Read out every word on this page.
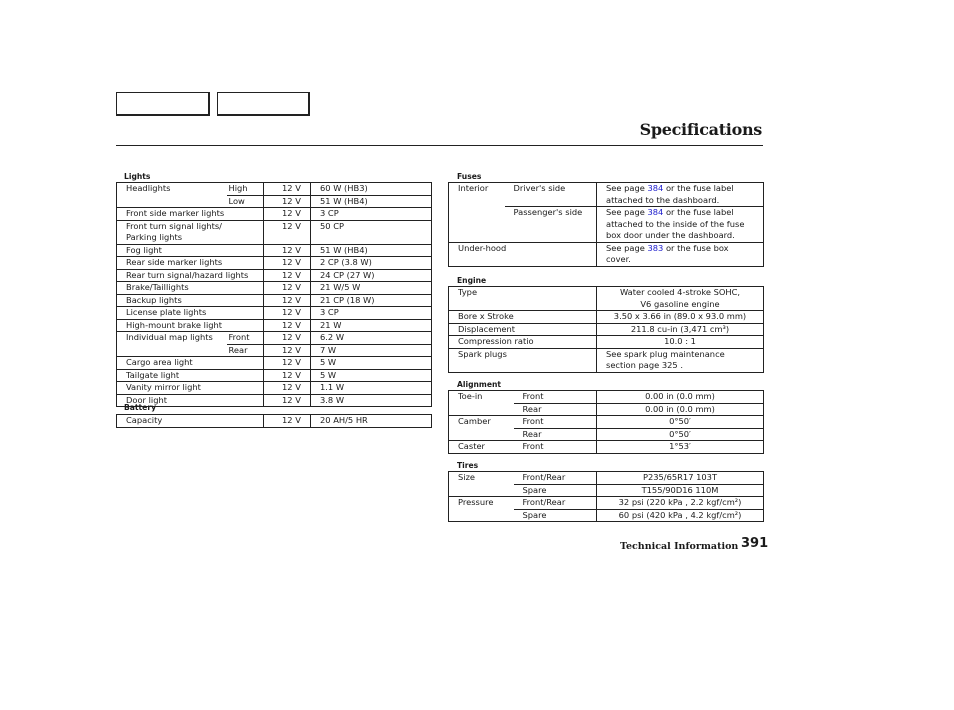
Specifications
Lights
Headlights	High	12 V	60 W (HB3)
	Low	12 V	51 W (HB4)
Front side marker lights		12 V	3 CP

Front turn signal lights/
Parking lights		12 V	50 CP
Fog light		12 V	51 W (HB4)
Rear side marker lights		12 V	2 CP (3.8 W)
Rear turn signal/hazard lights		12 V	24 CP (27 W)
Brake/Taillights		12 V	21 W/5 W
Backup lights		12 V	21 CP (18 W)
License plate lights		12 V	3 CP
High-mount brake light		12 V	21 W
Individual map lights	Front	12 V	6.2 W
	Rear	12 V	7 W
Cargo area light		12 V	5 W
Tailgate light		12 V	5 W
Vanity mirror light		12 V	1.1 W
Door light		12 V	3.8 W
Battery
Capacity	12 V	20 AH/5 HR
Fuses
Interior	Driver's side	See page 384 or the fuse label
attached to the dashboard.

	Passenger's side	See page 384 or the fuse label
attached to the inside of the fuse
box door under the dashboard.

Under-hood		See page 383 or the fuse box
cover.
Engine
Type	Water cooled 4-stroke SOHC,
V6 gasoline engine

Bore x Stroke	3.50 x 3.66 in (89.0 x 93.0 mm)
Displacement	211.8 cu-in (3,471 cm³)
Compression ratio	10.0 : 1
Spark plugs	See spark plug maintenance
section page 325 .
Alignment
Toe-in	Front	0.00 in (0.0 mm)
	Rear	0.00 in (0.0 mm)
Camber	Front	0°50′
	Rear	0°50′
Caster	Front	1°53′
Tires
Size	Front/Rear	P235/65R17 103T
	Spare	T155/90D16 110M
Pressure	Front/Rear	32 psi (220 kPa , 2.2 kgf/cm²)
	Spare	60 psi (420 kPa , 4.2 kgf/cm²)
Technical Information 391
